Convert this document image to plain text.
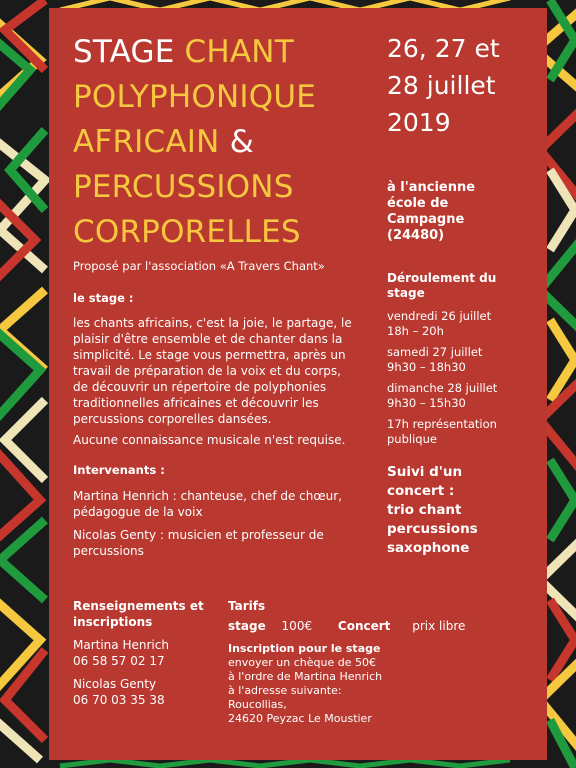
STAGE CHANT
POLYPHONIQUE
AFRICAIN &
PERCUSSIONS
CORPORELLES
26, 27 et
28 juillet
2019
à l'ancienne
école de
Campagne
(24480)
Déroulement du
stage
vendredi 26 juillet
18h – 20h
samedi 27 juillet
9h30 – 18h30
dimanche 28 juillet
9h30 – 15h30
17h représentation
publique
Suivi d'un
concert :
trio chant
percussions
saxophone
Proposé par l'association «A Travers Chant»
le stage :
les chants africains, c'est la joie, le partage, le
plaisir d'être ensemble et de chanter dans la
simplicité. Le stage vous permettra, après un
travail de préparation de la voix et du corps,
de découvrir un répertoire de polyphonies
traditionnelles africaines et découvrir les
percussions corporelles dansées.
Aucune connaissance musicale n'est requise.
Intervenants :
Martina Henrich : chanteuse, chef de chœur,
pédagogue de la voix
Nicolas Genty : musicien et professeur de
percussions
Renseignements et
inscriptions
Martina Henrich
06 58 57 02 17
Nicolas Genty
06 70 03 35 38
Tarifs
stage 100€ Concert prix libre
Inscription pour le stage
envoyer un chèque de 50€
à l'ordre de Martina Henrich
à l'adresse suivante:
Roucollias,
24620 Peyzac Le Moustier
